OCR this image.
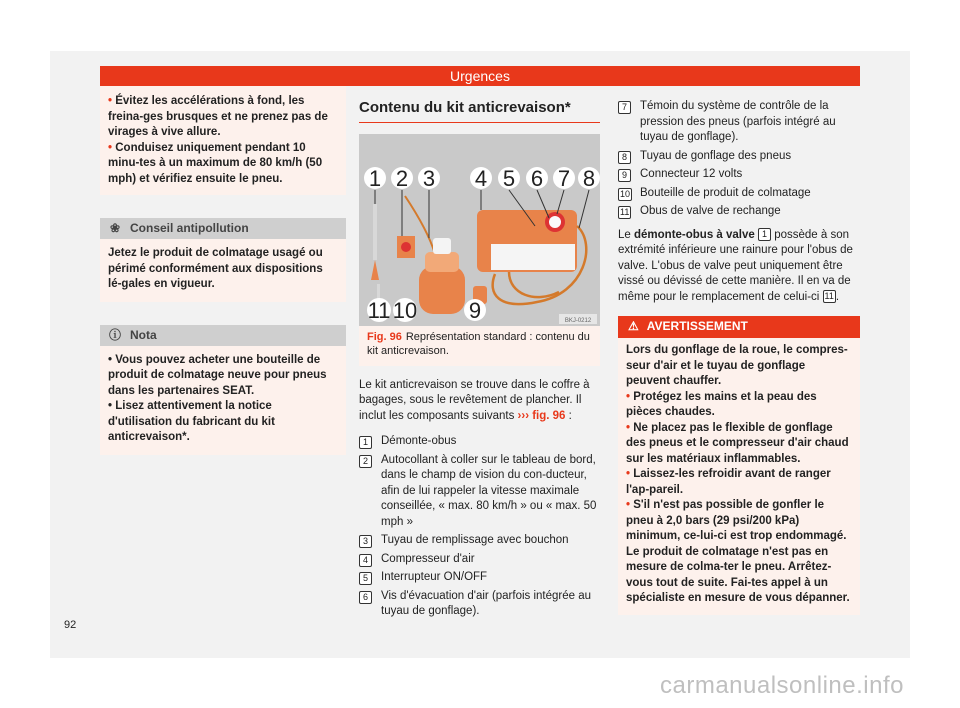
Urgences
• Évitez les accélérations à fond, les freina-ges brusques et ne prenez pas de virages à vive allure.
• Conduisez uniquement pendant 10 minu-tes à un maximum de 80 km/h (50 mph) et vérifiez ensuite le pneu.
❀ Conseil antipollution
Jetez le produit de colmatage usagé ou périmé conformément aux dispositions lé-gales en vigueur.
ⓘ Nota
• Vous pouvez acheter une bouteille de produit de colmatage neuve pour pneus dans les partenaires SEAT.
• Lisez attentivement la notice d'utilisation du fabricant du kit anticrevaison*.
Contenu du kit anticrevaison*
1 2 3 4 5 6 7 8
9
10
11	BKJ-0212
Fig. 96 Représentation standard : contenu du kit anticrevaison.
Le kit anticrevaison se trouve dans le coffre à bagages, sous le revêtement de plancher. Il inclut les composants suivants ››› fig. 96 :
1	Démonte-obus
2	Autocollant à coller sur le tableau de bord, dans le champ de vision du con-ducteur, afin de lui rappeler la vitesse maximale conseillée, « max. 80 km/h » ou « max. 50 mph »
3	Tuyau de remplissage avec bouchon
4	Compresseur d'air
5	Interrupteur ON/OFF
6	Vis d'évacuation d'air (parfois intégrée au tuyau de gonflage).
7	Témoin du système de contrôle de la pression des pneus (parfois intégré au tuyau de gonflage).
8	Tuyau de gonflage des pneus
9	Connecteur 12 volts
10 Bouteille de produit de colmatage
11 Obus de valve de rechange
Le démonte-obus à valve 1 possède à son extrémité inférieure une rainure pour l'obus de valve. L'obus de valve peut uniquement être vissé ou dévissé de cette manière. Il en va de même pour le remplacement de celui-ci 11 .
⚠ AVERTISSEMENT
Lors du gonflage de la roue, le compres-seur d'air et le tuyau de gonflage peuvent chauffer.
• Protégez les mains et la peau des pièces chaudes.
• Ne placez pas le flexible de gonflage des pneus et le compresseur d'air chaud sur les matériaux inflammables.
• Laissez-les refroidir avant de ranger l'ap-pareil.
• S'il n'est pas possible de gonfler le pneu à 2,0 bars (29 psi/200 kPa) minimum, ce-lui-ci est trop endommagé. Le produit de colmatage n'est pas en mesure de colma-ter le pneu. Arrêtez-vous tout de suite. Fai-tes appel à un spécialiste en mesure de vous dépanner.
92
carmanualsonline.info
